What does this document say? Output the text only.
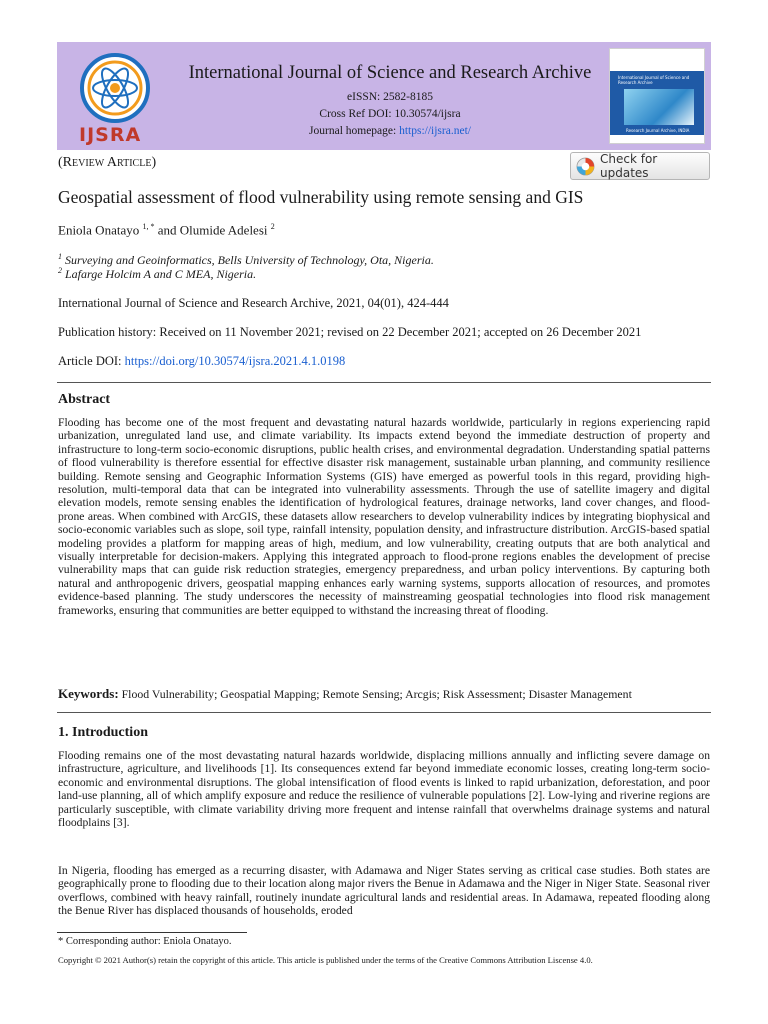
IJSRA
International Journal of Science and Research Archive
eISSN: 2582-8185
Cross Ref DOI: 10.30574/ijsra
Journal homepage: https://ijsra.net/
International Journal of Science and Research Archive
Research Journal Archive, INDIA
(Review Article)	Check for updates
Geospatial assessment of flood vulnerability using remote sensing and GIS
Eniola Onatayo $^{1, *}$ and Olumide Adelesi $^2$
$^1$ Surveying and Geoinformatics, Bells University of Technology, Ota, Nigeria.
$^2$ Lafarge Holcim A and C MEA, Nigeria.
International Journal of Science and Research Archive, 2021, 04(01), 424-444
Publication history: Received on 11 November 2021; revised on 22 December 2021; accepted on 26 December 2021
Article DOI: https://doi.org/10.30574/ijsra.2021.4.1.0198
Abstract
Flooding has become one of the most frequent and devastating natural hazards worldwide, particularly in regions experiencing rapid urbanization, unregulated land use, and climate variability. Its impacts extend beyond the immediate destruction of property and infrastructure to long-term socio-economic disruptions, public health crises, and environmental degradation. Understanding spatial patterns of flood vulnerability is therefore essential for effective disaster risk management, sustainable urban planning, and community resilience building. Remote sensing and Geographic Information Systems (GIS) have emerged as powerful tools in this regard, providing high-resolution, multi-temporal data that can be integrated into vulnerability assessments. Through the use of satellite imagery and digital elevation models, remote sensing enables the identification of hydrological features, drainage networks, land cover changes, and flood-prone areas. When combined with ArcGIS, these datasets allow researchers to develop vulnerability indices by integrating biophysical and socio-economic variables such as slope, soil type, rainfall intensity, population density, and infrastructure distribution. ArcGIS-based spatial modeling provides a platform for mapping areas of high, medium, and low vulnerability, creating outputs that are both analytical and visually interpretable for decision-makers. Applying this integrated approach to flood-prone regions enables the development of precise vulnerability maps that can guide risk reduction strategies, emergency preparedness, and urban policy interventions. By capturing both natural and anthropogenic drivers, geospatial mapping enhances early warning systems, supports allocation of resources, and promotes evidence-based planning. The study underscores the necessity of mainstreaming geospatial technologies into flood risk management frameworks, ensuring that communities are better equipped to withstand the increasing threat of flooding.
Keywords: Flood Vulnerability; Geospatial Mapping; Remote Sensing; Arcgis; Risk Assessment; Disaster Management
1. Introduction
Flooding remains one of the most devastating natural hazards worldwide, displacing millions annually and inflicting severe damage on infrastructure, agriculture, and livelihoods [1]. Its consequences extend far beyond immediate economic losses, creating long-term socio-economic and environmental disruptions. The global intensification of flood events is linked to rapid urbanization, deforestation, and poor land-use planning, all of which amplify exposure and reduce the resilience of vulnerable populations [2]. Low-lying and riverine regions are particularly susceptible, with climate variability driving more frequent and intense rainfall that overwhelms drainage systems and natural floodplains [3].
In Nigeria, flooding has emerged as a recurring disaster, with Adamawa and Niger States serving as critical case studies. Both states are geographically prone to flooding due to their location along major rivers the Benue in Adamawa and the Niger in Niger State. Seasonal river overflows, combined with heavy rainfall, routinely inundate agricultural lands and residential areas. In Adamawa, repeated flooding along the Benue River has displaced thousands of households, eroded
* Corresponding author: Eniola Onatayo.
Copyright © 2021 Author(s) retain the copyright of this article. This article is published under the terms of the Creative Commons Attribution Liscense 4.0.
